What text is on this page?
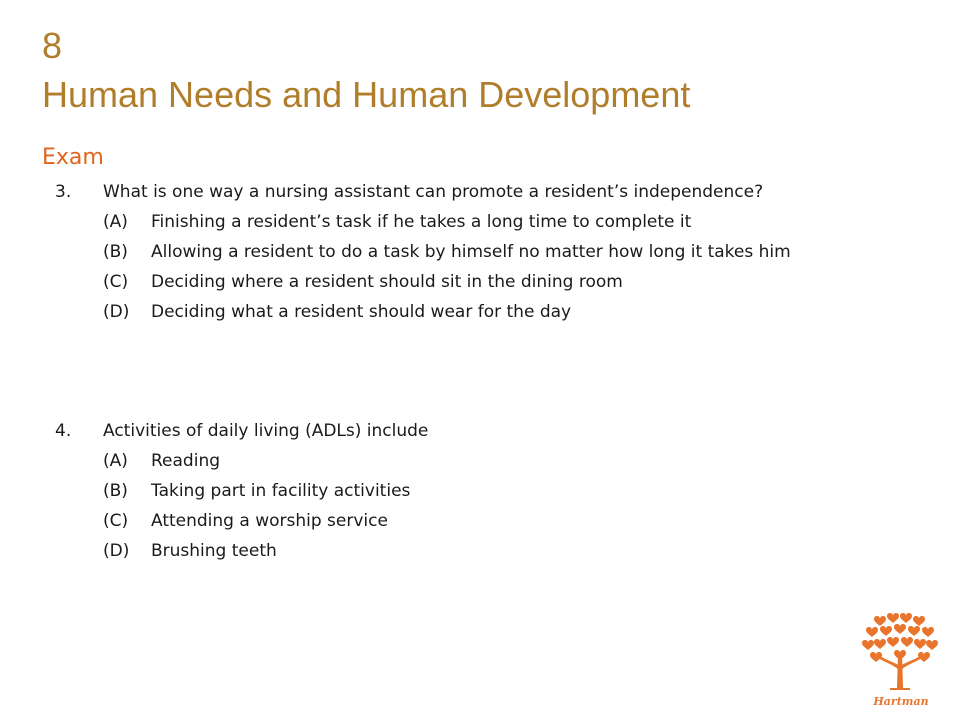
8
Human Needs and Human Development
Exam
3. What is one way a nursing assistant can promote a resident’s independence?
(A) Finishing a resident’s task if he takes a long time to complete it
(B) Allowing a resident to do a task by himself no matter how long it takes him
(C) Deciding where a resident should sit in the dining room
(D) Deciding what a resident should wear for the day
4. Activities of daily living (ADLs) include
(A) Reading
(B) Taking part in facility activities
(C) Attending a worship service
(D) Brushing teeth
Hartman
